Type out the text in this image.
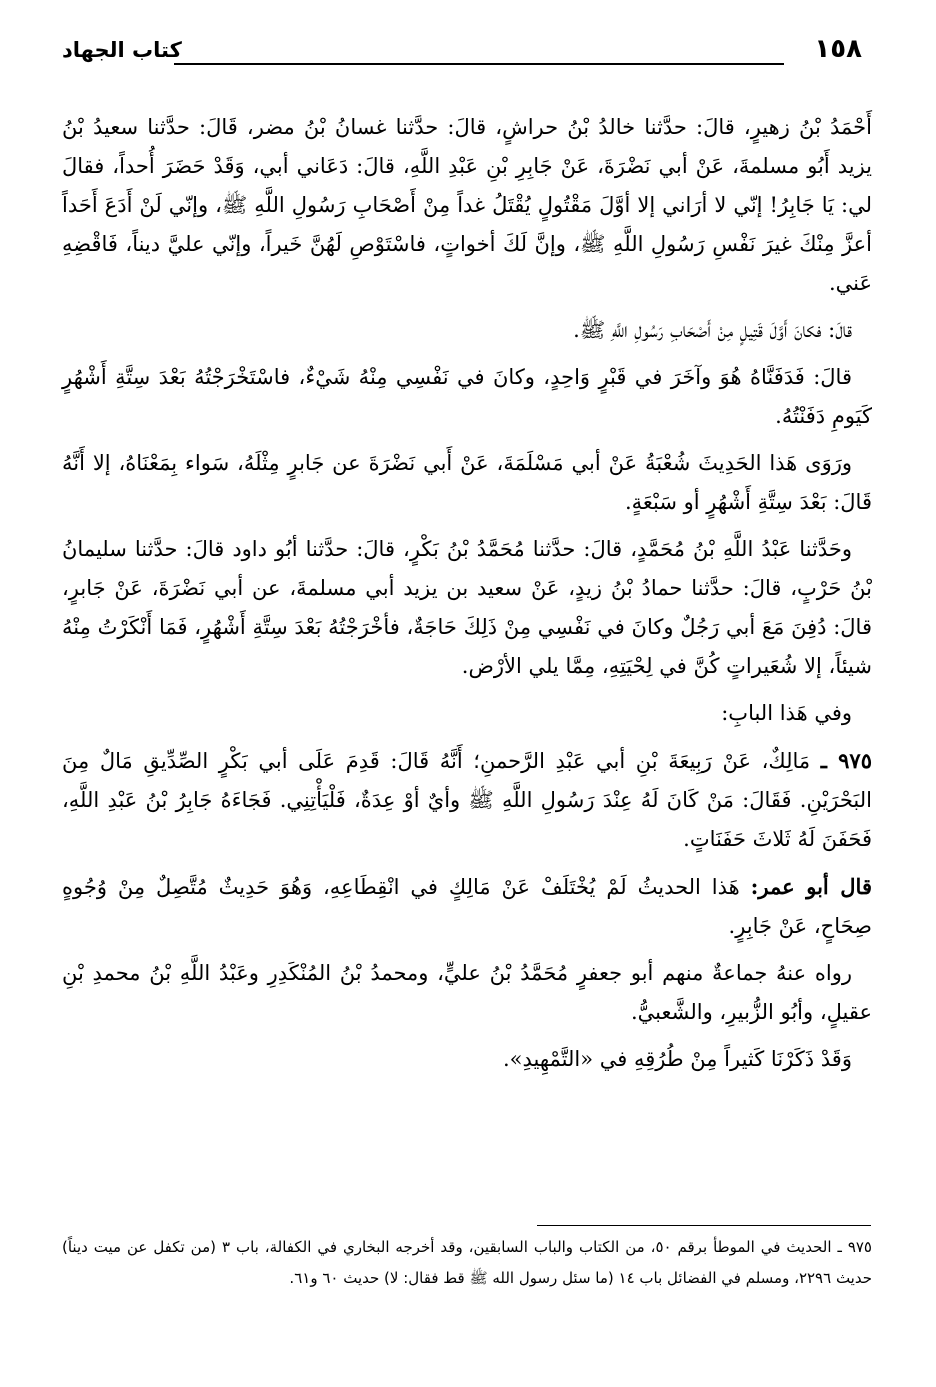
١٥٨
كتاب الجهاد

أَحْمَدُ بْنُ زهيرٍ، قالَ: حدَّثنا خالدُ بْنُ حراشٍ، قالَ: حدَّثنا غسانُ بْنُ مضر، قَالَ: حدَّثنا سعيدُ بْنُ يزيد أَبُو مسلمةَ، عَنْ أبي نَضْرَةَ، عَنْ جَابِرِ بْنِ عَبْدِ اللَّهِ، قالَ: دَعَاني أبي، وَقَدْ حَضَرَ أُحداً، فقالَ لي: يَا جَابِرُ! إنّي لا أرَاني إلا أوَّلَ مَقْتُولٍ يُقْتَلُ غداً مِنْ أَصْحَابِ رَسُولِ اللَّهِ ﷺ، وإنّي لَنْ أَدَعَ أَحَداً أعزَّ مِنْكَ غيرَ نَفْسِ رَسُولِ اللَّهِ ﷺ، وإنَّ لَكَ أخواتٍ، فاسْتَوْصِ لَهُنَّ خَيراً، وإنّي عليَّ ديناً، فَاقْضِهِ عَني.

قالَ: فكانَ أَوَّلَ قَتِيلٍ مِنْ أَصْحَابِ رَسُولِ اللَّهِ ﷺ.

قالَ: فَدَفَنَّاهُ هُوَ وآخَرَ في قَبْرٍ وَاحِدٍ، وكانَ في نَفْسِي مِنْهُ شَيْءٌ، فاسْتَخْرَجْتُهُ بَعْدَ سِتَّةِ أَشْهُرٍ كَيَومِ دَفَنْتُهُ.

ورَوَى هَذا الحَدِيثَ شُعْبَةُ عَنْ أبي مَسْلَمَةَ، عَنْ أَبي نَضْرَةَ عن جَابرٍ مِثْلَهُ، سَواء بِمَعْنَاهُ، إلا أَنَّهُ قَالَ: بَعْدَ سِتَّةِ أَشْهُرٍ أو سَبْعَةٍ.

وحَدَّثنا عَبْدُ اللَّهِ بْنُ مُحَمَّدٍ، قالَ: حدَّثنا مُحَمَّدُ بْنُ بَكْرٍ، قالَ: حدَّثنا أبُو داود قالَ: حدَّثنا سليمانُ بْنُ حَرْبٍ، قالَ: حدَّثنا حمادُ بْنُ زيدٍ، عَنْ سعيد بن يزيد أبي مسلمةَ، عن أبي نَضْرَةَ، عَنْ جَابرٍ، قالَ: دُفِنَ مَعَ أبي رَجُلٌ وكانَ في نَفْسِي مِنْ ذَلِكَ حَاجَةٌ، فأخْرَجْتُهُ بَعْدَ سِتَّةِ أَشْهُرٍ، فَمَا أَنْكَرْتُ مِنْهُ شيئاً، إلا شُعَيراتٍ كُنَّ في لِحْيَتِهِ، مِمَّا يلي الأرْض.

وفي هَذا البابِ:

٩٧٥ ـ مَالِكٌ، عَنْ رَبِيعَةَ بْنِ أبي عَبْدِ الرَّحمنِ؛ أَنَّهُ قَالَ: قَدِمَ عَلَى أبي بَكْرٍ الصِّدِّيقِ مَالٌ مِنَ البَحْرَيْنِ. فَقَالَ: مَنْ كَانَ لَهُ عِنْدَ رَسُولِ اللَّهِ ﷺ وأيٌ أوْ عِدَةٌ، فَلْيَأْتِنِي. فَجَاءَهُ جَابِرُ بْنُ عَبْدِ اللَّهِ، فَحَفَنَ لَهُ ثَلاثَ حَفَنَاتٍ.

قال أبو عمر: هَذا الحديثُ لَمْ يُخْتَلَفْ عَنْ مَالِكٍ في انْقِطَاعِهِ، وَهُوَ حَدِيثٌ مُتَّصِلٌ مِنْ وُجُوهٍ صِحَاحٍ، عَنْ جَابِرٍ.

رواه عنهُ جماعةٌ منهم أبو جعفرٍ مُحَمَّدُ بْنُ عليٍّ، ومحمدُ بْنُ المُنْكَدِرِ وعَبْدُ اللَّهِ بْنُ محمدِ بْنِ عقيلٍ، وأبُو الزُّبيرِ، والشَّعبيُّ.

وَقَدْ ذَكَرْنَا كَثيراً مِنْ طُرُقِهِ في «التَّمْهِيدِ».

٩٧٥ ـ الحديث في الموطأ برقم ٥٠، من الكتاب والباب السابقين، وقد أخرجه البخاري في الكفالة، باب ٣ (من تكفل عن ميت ديناً) حديث ٢٢٩٦، ومسلم في الفضائل باب ١٤ (ما سئل رسول الله ﷺ قط فقال: لا) حديث ٦٠ و٦١.
